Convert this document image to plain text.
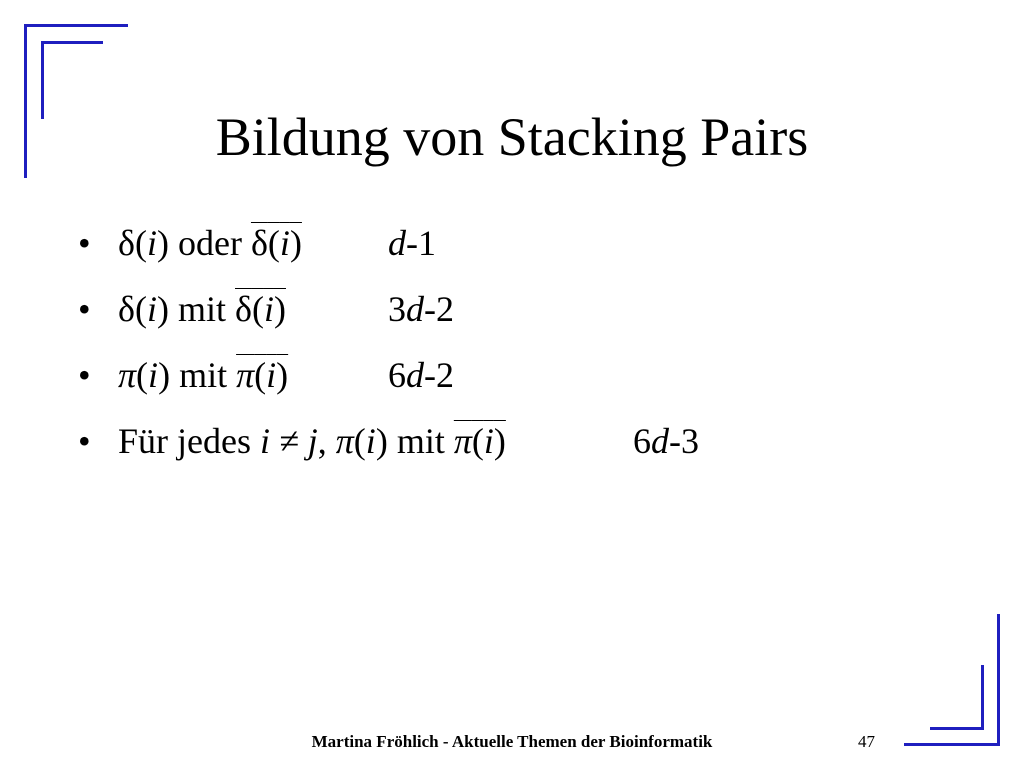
Bildung von Stacking Pairs
• δ(i) oder δ(i) d-1
• δ(i) mit δ(i)	3d-2
• π(i) mit π(i)	6d-2
• Für jedes i ≠ j, π(i) mit π(i)	6d-3
Martina Fröhlich - Aktuelle Themen der Bioinformatik	47
